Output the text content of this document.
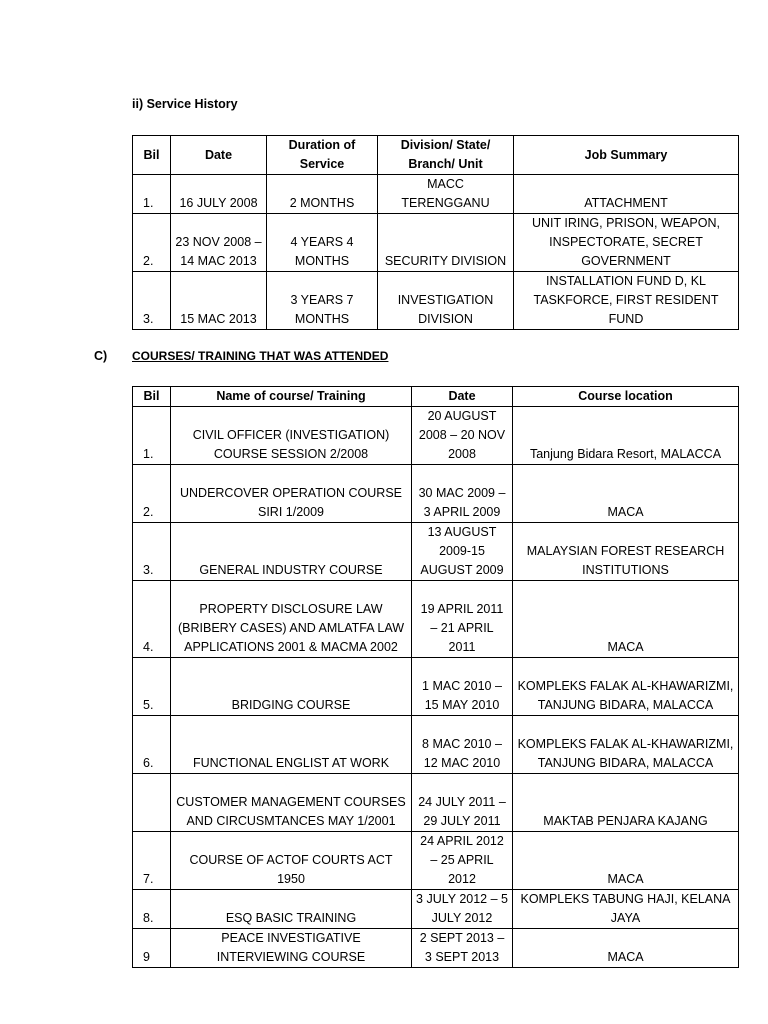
ii) Service History
Bil	Date	Duration of Service	Division/ State/ Branch/ Unit	Job Summary
1.	16 JULY 2008	2 MONTHS	MACC TERENGGANU	ATTACHMENT
2.	23 NOV 2008 – 14 MAC 2013	4 YEARS 4 MONTHS	SECURITY DIVISION	UNIT IRING, PRISON, WEAPON, INSPECTORATE, SECRET GOVERNMENT
3.	15 MAC 2013	3 YEARS 7 MONTHS	INVESTIGATION DIVISION	INSTALLATION FUND D, KL TASKFORCE, FIRST RESIDENT FUND
C) COURSES/ TRAINING THAT WAS ATTENDED
Bil	Name of course/ Training	Date	Course location
1.	CIVIL OFFICER (INVESTIGATION) COURSE SESSION 2/2008	20 AUGUST 2008 – 20 NOV 2008	Tanjung Bidara Resort, MALACCA
2.	UNDERCOVER OPERATION COURSE SIRI 1/2009	30 MAC 2009 – 3 APRIL 2009	MACA
3.	GENERAL INDUSTRY COURSE	13 AUGUST 2009-15 AUGUST 2009	MALAYSIAN FOREST RESEARCH INSTITUTIONS
4.	PROPERTY DISCLOSURE LAW (BRIBERY CASES) AND AMLATFA LAW APPLICATIONS 2001 & MACMA 2002	19 APRIL 2011 – 21 APRIL 2011	MACA
5.	BRIDGING COURSE	1 MAC 2010 – 15 MAY 2010	KOMPLEKS FALAK AL-KHAWARIZMI, TANJUNG BIDARA, MALACCA
6.	FUNCTIONAL ENGLIST AT WORK	8 MAC 2010 – 12 MAC 2010	KOMPLEKS FALAK AL-KHAWARIZMI, TANJUNG BIDARA, MALACCA
	CUSTOMER MANAGEMENT COURSES AND CIRCUSMTANCES MAY 1/2001	24 JULY 2011 – 29 JULY 2011	MAKTAB PENJARA KAJANG
7.	COURSE OF ACTOF COURTS ACT 1950	24 APRIL 2012 – 25 APRIL 2012	MACA
8.	ESQ BASIC TRAINING	3 JULY 2012 – 5 JULY 2012	KOMPLEKS TABUNG HAJI, KELANA JAYA
9	PEACE INVESTIGATIVE INTERVIEWING COURSE	2 SEPT 2013 – 3 SEPT 2013	MACA
